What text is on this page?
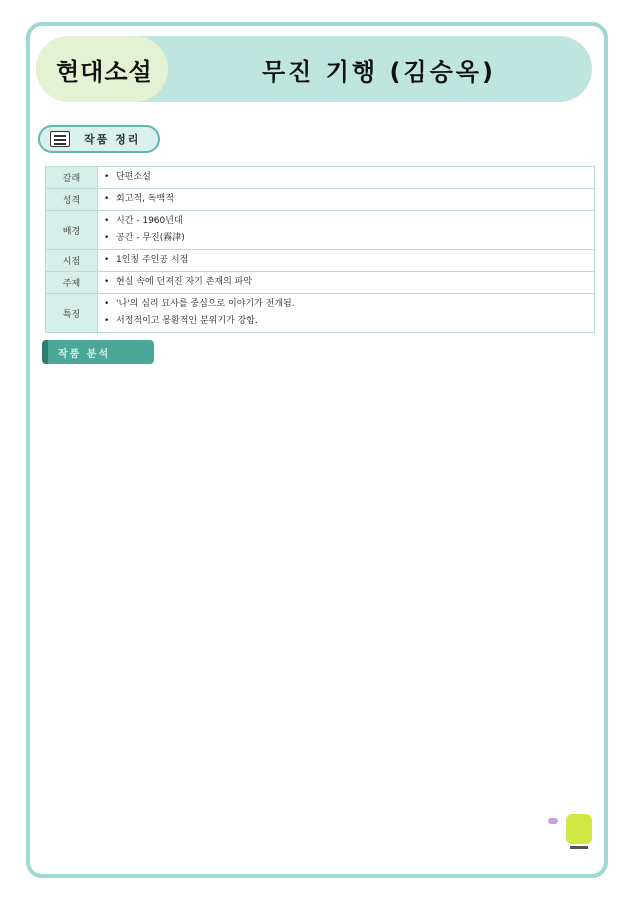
현대소설	무진 기행 (김승옥)
작품 정리
갈래	• 단편소설

성격	• 회고적, 독백적

배경	• 시간 - 1960년대
• 공간 - 무진(霧津)

시점	• 1인칭 주인공 시점

주제	• 현실 속에 던져진 자기 존재의 파악

특징	• '나'의 심리 묘사를 중심으로 이야기가 전개됨.
• 서정적이고 몽환적인 분위기가 강함.
작품 분석
